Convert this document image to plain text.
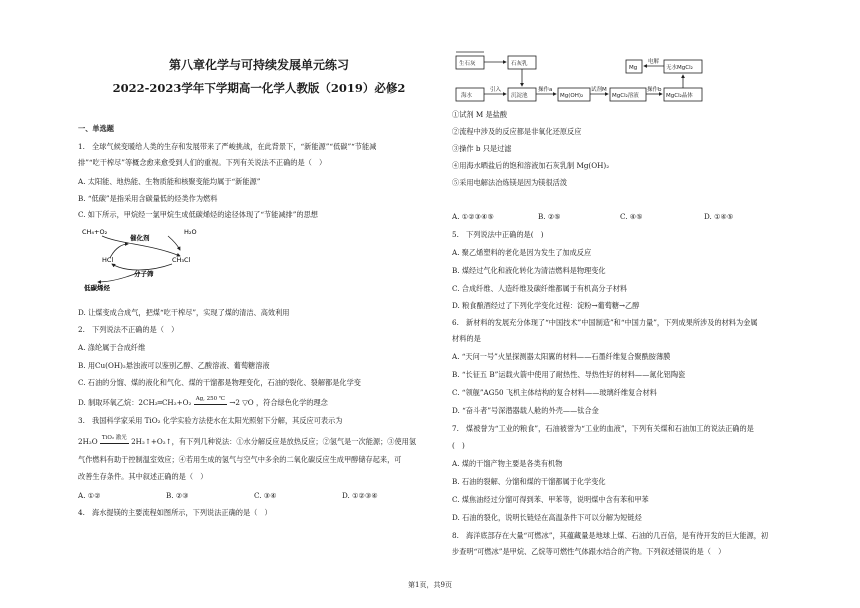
第八章化学与可持续发展单元练习
2022-2023学年下学期高一化学人教版（2019）必修2
一、单选题
1.　全球气候变暖给人类的生存和发展带来了严峻挑战，在此背景下，“新能源”“低碳”“节能减
排”“吃干榨尽”等概念愈来愈受到人们的重视。下列有关说法不正确的是（　）
A. 太阳能、地热能、生物质能和核聚变能均属于“新能源”
B. “低碳”是指采用含碳量低的烃类作为燃料
C. 如下所示，甲烷经一氯甲烷生成低碳烯烃的途径体现了“节能减排”的思想
CH₄+O₂	H₂O
催化剂
HCl	CH₃Cl
分子筛
低碳烯烃
D. 让煤变成合成气，把煤“吃干榨尽”，实现了煤的清洁、高效利用
2.　下列说法不正确的是（　）
A. 涤纶属于合成纤维
B. 用Cu(OH)₂悬浊液可以鉴别乙醇、乙酸溶液、葡萄糖溶液
C. 石油的分馏、煤的液化和气化、煤的干馏都是物理变化，石油的裂化、裂解都是化学变
D. 制取环氧乙烷：2CH₂═CH₂+O₂ Ag, 250 ℃ →2 ▽O ，符合绿色化学的理念
3.　我国科学家采用 TiO₂ 化学实验方法使水在太阳光照射下分解，其反应可表示为
2H₂O TiO₂ 激光 2H₂↑+O₂↑，有下列几种说法：①水分解反应是放热反应；②氢气是一次能源；③使用氢
气作燃料有助于控制温室效应；④若用生成的氢气与空气中多余的二氧化碳反应生成甲醇储存起来，可
改善生存条件。其中叙述正确的是（　）
A. ①②	B. ②③	C. ③④	D. ①②③④
4.　海水提镁的主要流程如图所示，下列说法正确的是（　）
生石灰	石灰乳
海水	沉淀池	Mg(OH)₂	MgCl₂溶液	MgCl₂晶体
Mg	无水MgCl₂
引入	操作a	试剂M	操作b
电解
①试剂 M 是盐酸
②流程中涉及的反应都是非氧化还原反应
③操作 b 只是过滤
④用海水晒盐后的饱和溶液加石灰乳制 Mg(OH)₂
⑤采用电解法冶炼镁是因为镁很活泼
A. ①②③④⑤	B. ②⑤	C. ④⑤	D. ①④⑤
5.　下列说法中正确的是(　)
A. 聚乙烯塑料的老化是因为发生了加成反应
B. 煤经过气化和液化转化为清洁燃料是物理变化
C. 合成纤维、人造纤维及碳纤维都属于有机高分子材料
D. 粮食酿酒经过了下列化学变化过程：淀粉→葡萄糖→乙醇
6.　新材料的发展充分体现了“中国技术”中国制造”和“中国力量”，下列成果所涉及的材料为金属
材料的是
A. “天问一号”火星探测器太阳翼的材料——石墨纤维复合聚酰胺薄膜
B. “长征五 B”运载火箭中使用了耐热性、导热性好的材料——氮化铝陶瓷
C. “领舰”AG50 飞机主体结构的复合材料——玻璃纤维复合材料
D. “奋斗者”号深潜器载人舱的外壳——钛合金
7.　煤被誉为“工业的粮食”，石油被誉为“工业的血液”，下列有关煤和石油加工的说法正确的是
(　)
A. 煤的干馏产物主要是各类有机物
B. 石油的裂解、分馏和煤的干馏都属于化学变化
C. 煤焦油经过分馏可得到苯、甲苯等，说明煤中含有苯和甲苯
D. 石油的裂化，说明长链烃在高温条件下可以分解为短链烃
8.　海洋底部存在大量“可燃冰”，其蕴藏量是地球上煤、石油的几百倍，是有待开发的巨大能源，初
步查明“可燃冰”是甲烷、乙烷等可燃性气体跟水结合的产物。下列叙述错误的是（　）
第1页，共9页
